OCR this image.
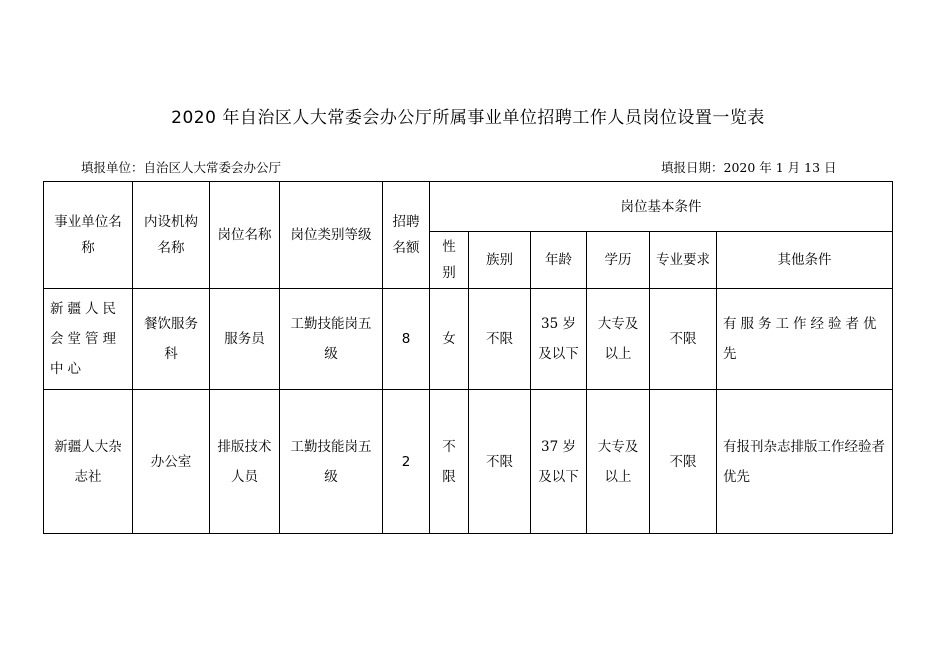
2020 年自治区人大常委会办公厅所属事业单位招聘工作人员岗位设置一览表
填报单位：自治区人大常委会办公厅	填报日期：2020 年 1 月 13 日
事业单位名称	内设机构名称	岗位名称	岗位类别等级	招聘名额	岗位基本条件					
					性别	族别	年龄	学历	专业要求	其他条件
新疆人民会堂管理中心	餐饮服务科	服务员	工勤技能岗五级	8	女	不限	35 岁及以下	大专及以上	不限	有服务工作经验者优先
新疆人大杂志社	办公室	排版技术人员	工勤技能岗五级	2	不限	不限	37 岁及以下	大专及以上	不限	有报刊杂志排版工作经验者优先
